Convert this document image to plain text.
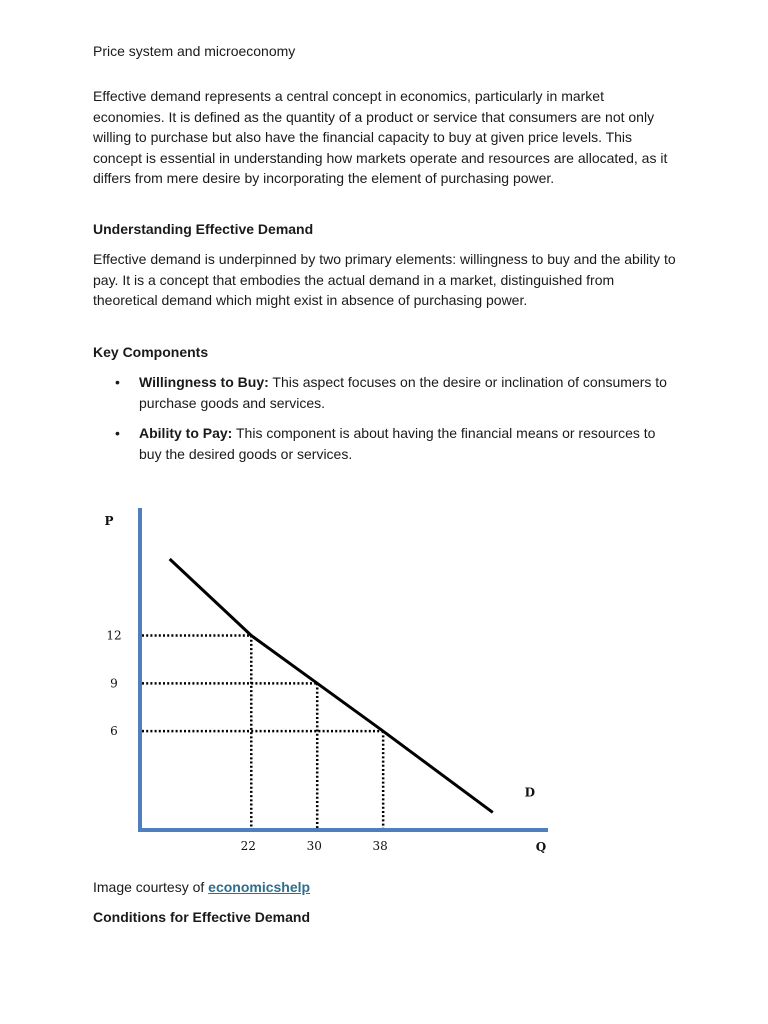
Price system and microeconomy

Effective demand represents a central concept in economics, particularly in market economies. It is defined as the quantity of a product or service that consumers are not only willing to purchase but also have the financial capacity to buy at given price levels. This concept is essential in understanding how markets operate and resources are allocated, as it differs from mere desire by incorporating the element of purchasing power.

Understanding Effective Demand

Effective demand is underpinned by two primary elements: willingness to buy and the ability to pay. It is a concept that embodies the actual demand in a market, distinguished from theoretical demand which might exist in absence of purchasing power.

Key Components
• Willingness to Buy: This aspect focuses on the desire or inclination of consumers to purchase goods and services.
• Ability to Pay: This component is about having the financial means or resources to buy the desired goods or services.
Image courtesy of economicshelp
Conditions for Effective Demand
12
22
9
30
6
38
P
Q
D
